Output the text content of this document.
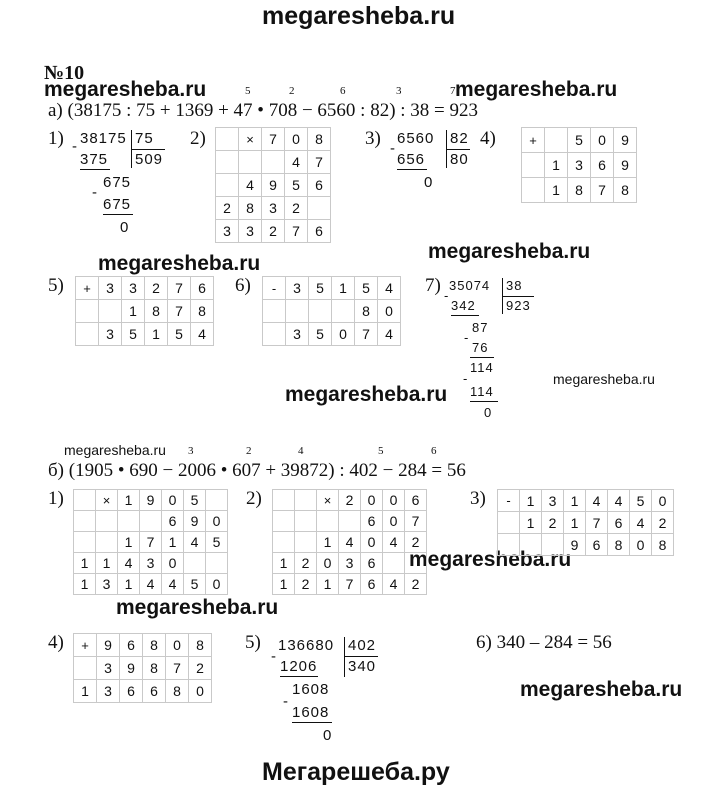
megaresheba.ru
Мегарешеба.ру
megaresheba.ru	megaresheba.ru
megaresheba.ru
megaresheba.ru
megaresheba.ru
megaresheba.ru
megaresheba.ru
megaresheba.ru
megaresheba.ru
megaresheba.ru
№10
5	2	6	3	7
а) (38175 : 75 + 1369 + 47 • 708 − 6560 : 82) : 38 = 923
1) 38175 75
509
-
375
675
-
675
0
2)
		×	7	0	8
			4	7
	4	9	5	6
2	8	3	2	
3	3	2	7	6
3) 6560 82
80
-
656
0
4)	+		5	0	9
	1	3	6	9
	1	8	7	8
5) +	3	3	2	7	6
		1	8	7	8
	3	5	1	5	4
6) -	3	5	1	5	4
				8	0
	3	5	0	7	4
7) 35074 38
923
-
342
87
-
76
114
-
114
0
3	2	4	5	6
б) (1905 • 690 − 2006 • 607 + 39872) : 402 − 284 = 56
1)
		×	1	9	0	5	
				6	9	0
		1	7	1	4	5
1	1	4	3	0		
1	3	1	4	4	5	0
2)
			×	2	0	0	6
				6	0	7
		1	4	0	4	2
1	2	0	3	6		
1	2	1	7	6	4	2
3) -	1	3	1	4	4	5	0
	1	2	1	7	6	4	2
			9	6	8	0	8
4) +	9	6	8	0	8
	3	9	8	7	2
1	3	6	6	8	0
5) 136680 402
340
-
1206
1608
-
1608
0
6) 340 – 284 = 56
